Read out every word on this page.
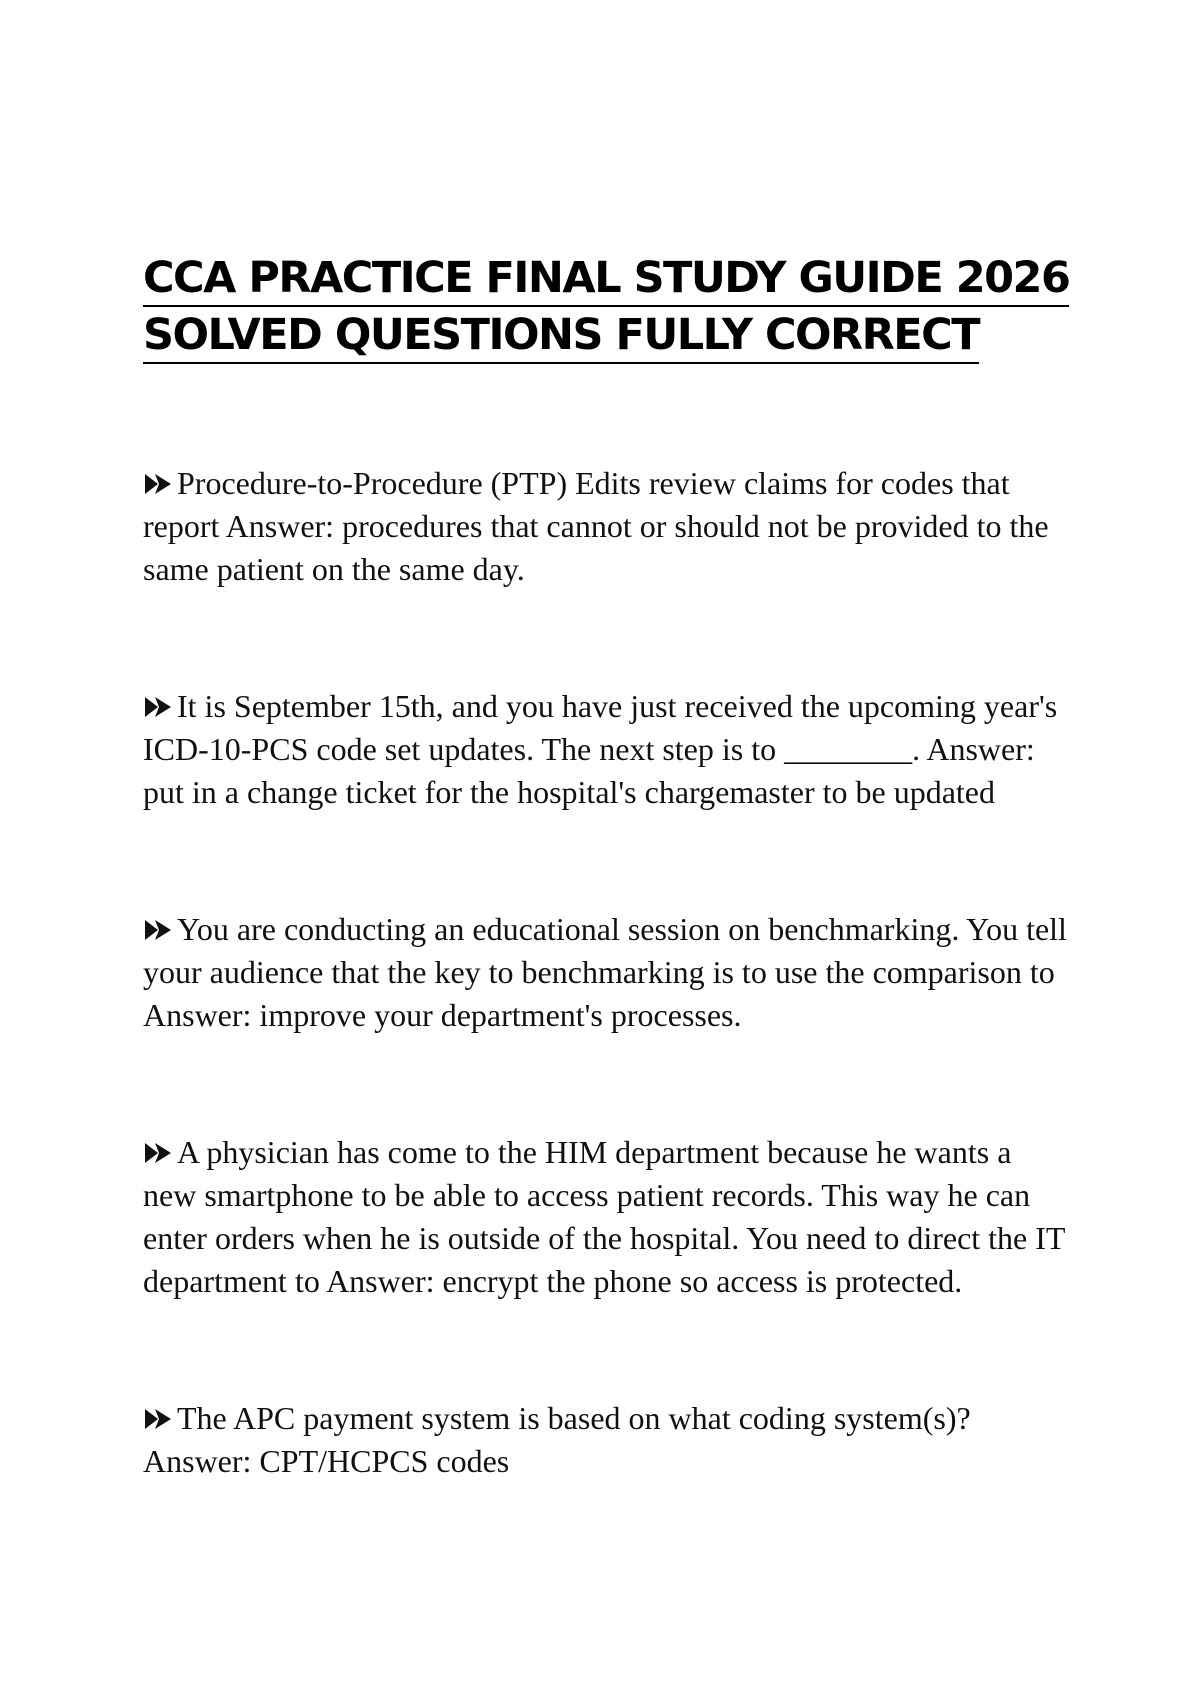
CCA PRACTICE FINAL STUDY GUIDE 2026
SOLVED QUESTIONS FULLY CORRECT

Procedure-to-Procedure (PTP) Edits review claims for codes that report Answer: procedures that cannot or should not be provided to the same patient on the same day.

It is September 15th, and you have just received the upcoming year's ICD-10-PCS code set updates. The next step is to ________. Answer: put in a change ticket for the hospital's chargemaster to be updated

You are conducting an educational session on benchmarking. You tell your audience that the key to benchmarking is to use the comparison to Answer: improve your department's processes.

A physician has come to the HIM department because he wants a new smartphone to be able to access patient records. This way he can enter orders when he is outside of the hospital. You need to direct the IT department to Answer: encrypt the phone so access is protected.

The APC payment system is based on what coding system(s)? Answer: CPT/HCPCS codes
